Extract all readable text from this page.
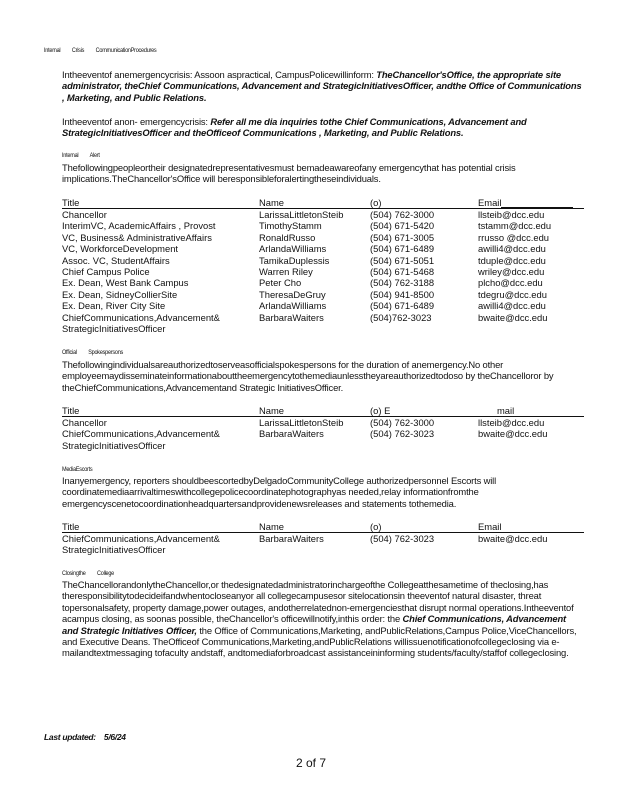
Internal Crisis CommunicationProcedures
Intheeventof anemergencycrisis: Assoon aspractical, CampusPolicewillinform: TheChancellor'sOffice, the appropriate site administrator, theChief Communications, Advancement and StrategicInitiativesOfficer, andthe Office of Communications , Marketing, and Public Relations.
Intheeventof anon- emergencycrisis: Refer all me dia inquiries tothe Chief Communications, Advancement and StrategicInitiativesOfficer and theOfficeof Communications , Marketing, and Public Relations.
Internal Alert
Thefollowingpeopleortheir designatedrepresentativesmust bemadeawareofany emergencythat has potential crisis implications.TheChancellor'sOffice will beresponsibleforalertingtheseindividuals.
Title	Name	(o)	Email
Chancellor	LarissaLittletonSteib	(504) 762-3000	llsteib@dcc.edu
InterimVC, AcademicAffairs , Provost	TimothyStamm	(504) 671-5420	tstamm@dcc.edu
VC, Business& AdministrativeAffairs	RonaldRusso	(504) 671-3005	rrusso @dcc.edu
VC, WorkforceDevelopment	ArlandaWilliams	(504) 671-6489	awilli4@dcc.edu
Assoc. VC, StudentAffairs	TamikaDuplessis	(504) 671-5051	tduple@dcc.edu
Chief Campus Police	Warren Riley	(504) 671-5468	wriley@dcc.edu
Ex. Dean, West Bank Campus	Peter Cho	(504) 762-3188	plcho@dcc.edu
Ex. Dean, SidneyCollierSite	TheresaDeGruy	(504) 941-8500	tdegru@dcc.edu
Ex. Dean, River City Site	ArlandaWilliams	(504) 671-6489	awilli4@dcc.edu
ChiefCommunications,Advancement& StrategicInitiativesOfficer
BarbaraWaiters	(504)762-3023	bwaite@dcc.edu
Official Spokespersons
Thefollowingindividualsareauthorizedtoserveasofficialspokespersons for the duration of anemergency.No other employeemaydisseminateinformationabouttheemergencytothemediaunlesstheyareauthorizedtodoso by theChancelloror by theChiefCommunications,Advancementand Strategic InitiativesOfficer.
Title	Name	(o) E	mail
Chancellor	LarissaLittletonSteib	(504) 762-3000	llsteib@dcc.edu
ChiefCommunications,Advancement& StrategicInitiativesOfficer
BarbaraWaiters	(504) 762-3023	bwaite@dcc.edu
MediaEscorts
Inanyemergency, reporters shouldbeescortedbyDelgadoCommunityCollege authorizedpersonnel Escorts will coordinatemediaarrivaltimeswithcollegepolicecoordinatephotographyas needed,relay informationfromthe emergencyscenetocoordinationheadquartersandprovidenewsreleases and statements tothemedia.
Title	Name	(o)	Email
ChiefCommunications,Advancement& StrategicInitiativesOfficer
BarbaraWaiters	(504) 762-3023	bwaite@dcc.edu
Closingthe College
TheChancellorandonlytheChancellor,or thedesignatedadministratorinchargeofthe Collegeatthesametime of theclosing,has theresponsibilitytodecideifandwhentocloseanyor all collegecampusesor sitelocationsin theeventof natural disaster, threat topersonalsafety, property damage,power outages, andotherrelatednon-emergenciesthat disrupt normal operations.Intheeventof acampus closing, as soonas possible, theChancellor's officewillnotify,inthis order: the Chief Communications, Advancement and Strategic Initiatives Officer, the Office of Communications,Marketing, andPublicRelations,Campus Police,ViceChancellors, and Executive Deans. TheOfficeof Communications,Marketing,andPublicRelations willissuenotificationofcollegeclosing via e-mailandtextmessaging tofaculty andstaff, andtomediaforbroadcast assistanceininforming students/faculty/staffof collegeclosing.
Last updated: 5/6/24
2 of 7
